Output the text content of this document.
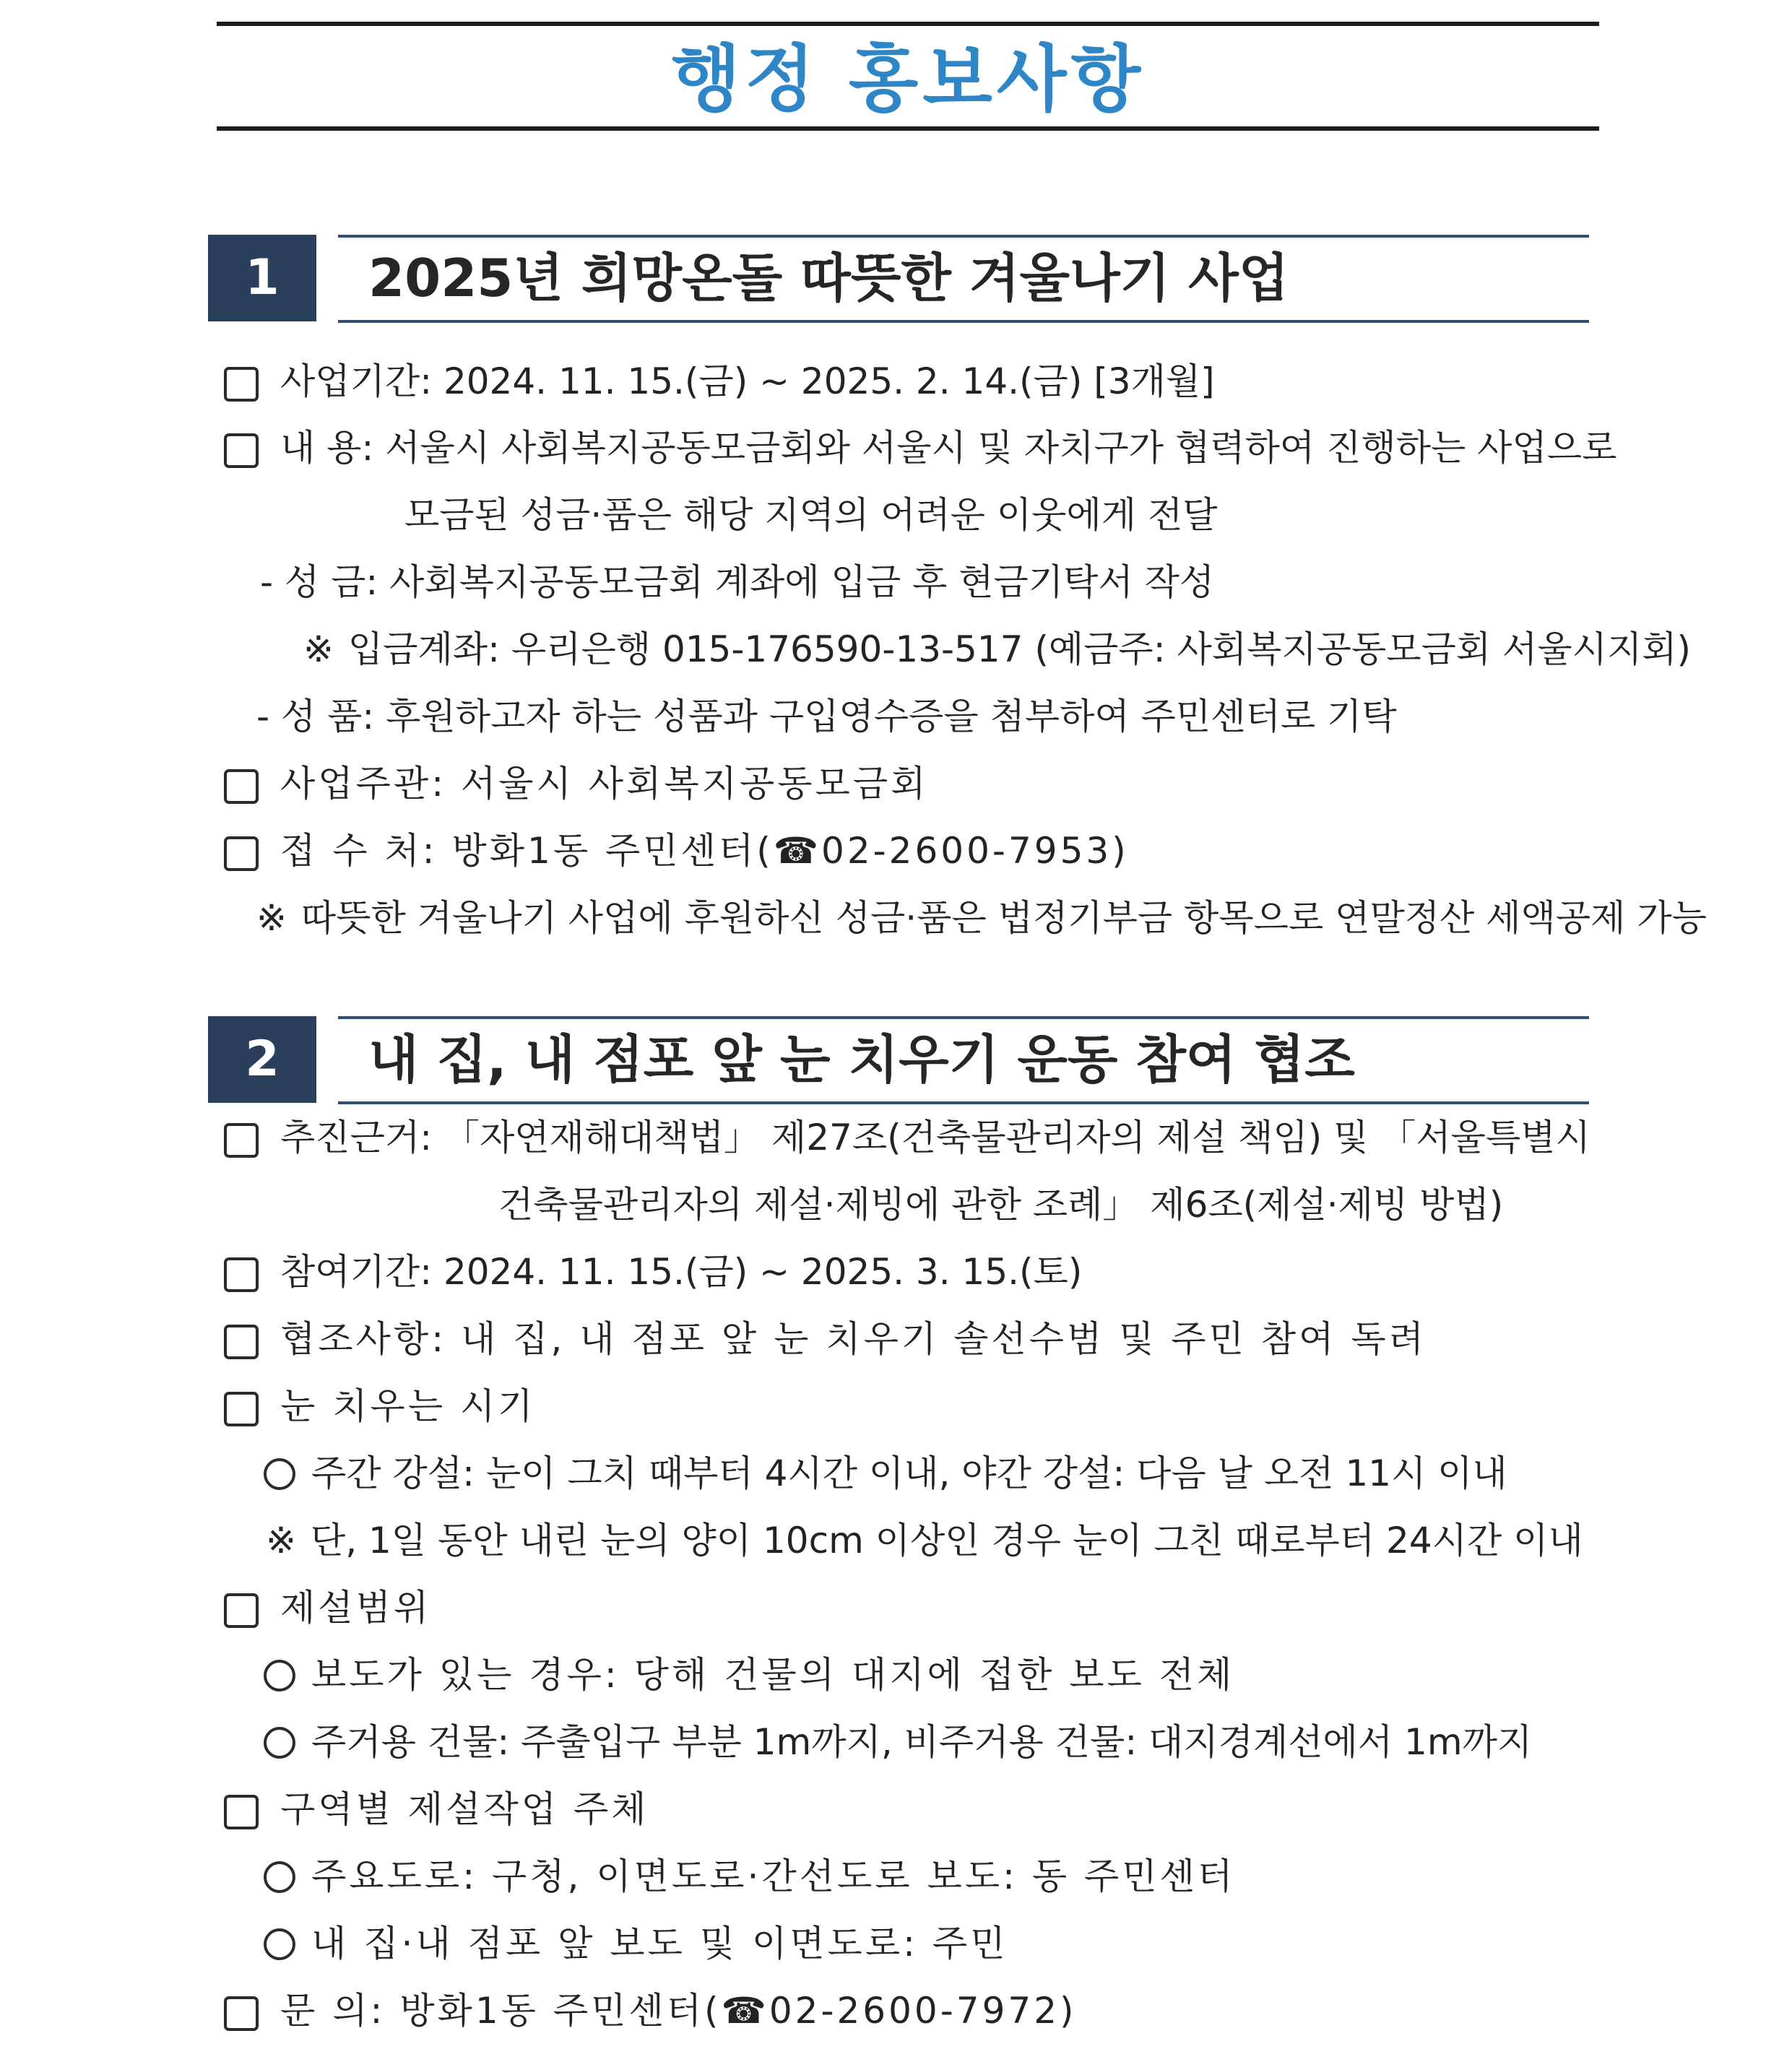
행정 홍보사항
1	2025년 희망온돌 따뜻한 겨울나기 사업
사업기간: 2024. 11. 15.(금) ~ 2025. 2. 14.(금) [3개월]
내 용: 서울시 사회복지공동모금회와 서울시 및 자치구가 협력하여 진행하는 사업으로
모금된 성금·품은 해당 지역의 어려운 이웃에게 전달
- 성 금: 사회복지공동모금회 계좌에 입금 후 현금기탁서 작성
※ 입금계좌: 우리은행 015-176590-13-517 (예금주: 사회복지공동모금회 서울시지회)
- 성 품: 후원하고자 하는 성품과 구입영수증을 첨부하여 주민센터로 기탁
사업주관: 서울시 사회복지공동모금회
접 수 처: 방화1동 주민센터(☎02-2600-7953)
※ 따뜻한 겨울나기 사업에 후원하신 성금·품은 법정기부금 항목으로 연말정산 세액공제 가능
2	내 집, 내 점포 앞 눈 치우기 운동 참여 협조
추진근거: 「자연재해대책법」 제27조(건축물관리자의 제설 책임) 및 「서울특별시
건축물관리자의 제설·제빙에 관한 조례」 제6조(제설·제빙 방법)
참여기간: 2024. 11. 15.(금) ~ 2025. 3. 15.(토)
협조사항: 내 집, 내 점포 앞 눈 치우기 솔선수범 및 주민 참여 독려
눈 치우는 시기
주간 강설: 눈이 그치 때부터 4시간 이내, 야간 강설: 다음 날 오전 11시 이내
※ 단, 1일 동안 내린 눈의 양이 10cm 이상인 경우 눈이 그친 때로부터 24시간 이내
제설범위
보도가 있는 경우: 당해 건물의 대지에 접한 보도 전체
주거용 건물: 주출입구 부분 1m까지, 비주거용 건물: 대지경계선에서 1m까지
구역별 제설작업 주체
주요도로: 구청, 이면도로·간선도로 보도: 동 주민센터
내 집·내 점포 앞 보도 및 이면도로: 주민
문 의: 방화1동 주민센터(☎02-2600-7972)
